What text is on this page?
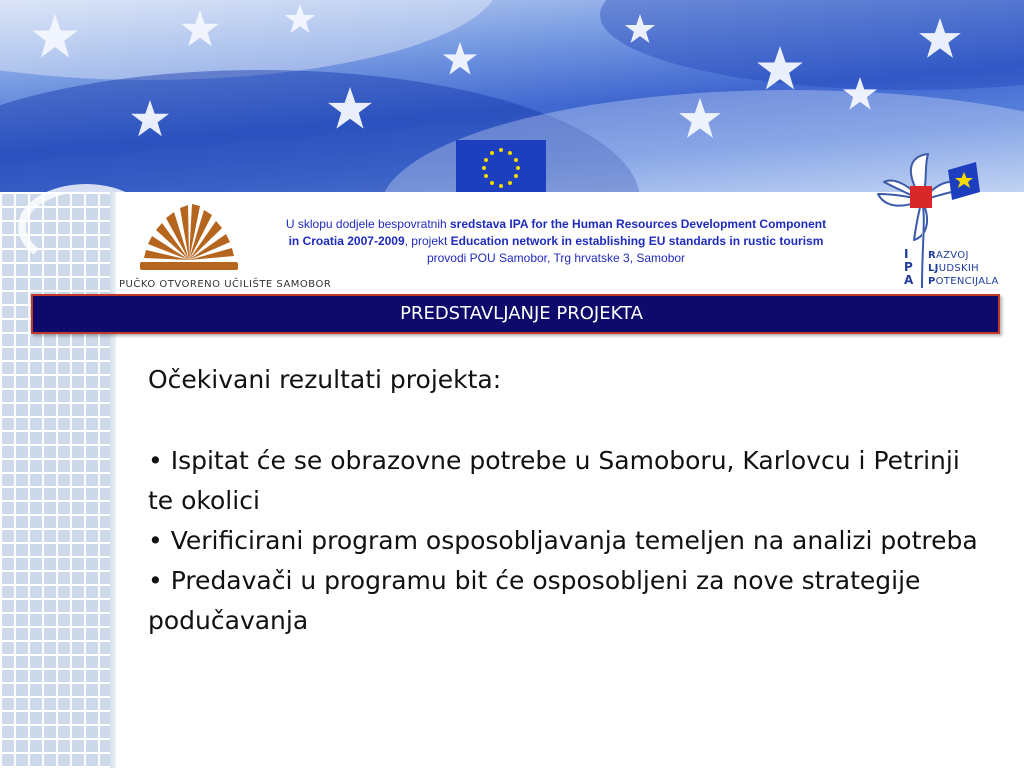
PUČKO OTVORENO UČILIŠTE SAMOBOR
U sklopu dodjele bespovratnih sredstava IPA for the Human Resources Development Component
in Croatia 2007-2009, projekt Education network in establishing EU standards in rustic tourism
provodi POU Samobor, Trg hrvatske 3, Samobor	I
P
A
RAZVOJ
LJUDSKIH
POTENCIJALA
PREDSTAVLJANJE PROJEKTA

Očekivani rezultati projekta:

• Ispitat će se obrazovne potrebe u Samoboru, Karlovcu i Petrinji te okolici

• Verificirani program osposobljavanja temeljen na analizi potreba

• Predavači u programu bit će osposobljeni za nove strategije podučavanja
